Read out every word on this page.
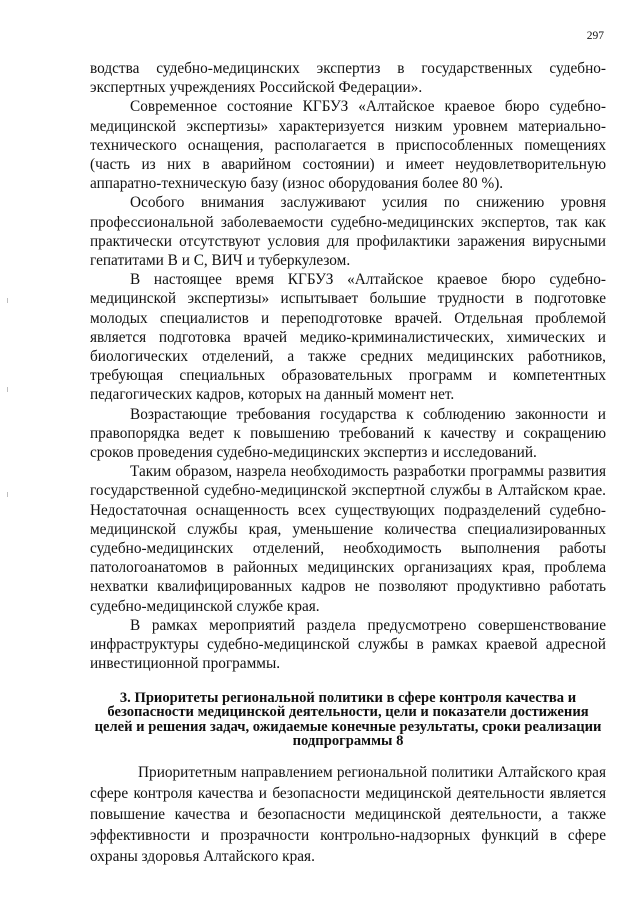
297

водства судебно-медицинских экспертиз в государственных судебно-экспертных учреждениях Российской Федерации».

Современное состояние КГБУЗ «Алтайское краевое бюро судебно-медицинской экспертизы» характеризуется низким уровнем материально-технического оснащения, располагается в приспособленных помещениях (часть из них в аварийном состоянии) и имеет неудовлетворительную аппаратно-техническую базу (износ оборудования более 80 %).

Особого внимания заслуживают усилия по снижению уровня профессиональной заболеваемости судебно-медицинских экспертов, так как практически отсутствуют условия для профилактики заражения вирусными гепатитами В и С, ВИЧ и туберкулезом.

В настоящее время КГБУЗ «Алтайское краевое бюро судебно-медицинской экспертизы» испытывает большие трудности в подготовке молодых специалистов и переподготовке врачей. Отдельная проблемой является подготовка врачей медико-криминалистических, химических и биологических отделений, а также средних медицинских работников, требующая специальных образовательных программ и компетентных педагогических кадров, которых на данный момент нет.

Возрастающие требования государства к соблюдению законности и правопорядка ведет к повышению требований к качеству и сокращению сроков проведения судебно-медицинских экспертиз и исследований.

Таким образом, назрела необходимость разработки программы развития государственной судебно-медицинской экспертной службы в Алтайском крае. Недостаточная оснащенность всех существующих подразделений судебно-медицинской службы края, уменьшение количества специализированных судебно-медицинских отделений, необходимость выполнения работы патологоанатомов в районных медицинских организациях края, проблема нехватки квалифицированных кадров не позволяют продуктивно работать судебно-медицинской службе края.

В рамках мероприятий раздела предусмотрено совершенствование инфраструктуры судебно-медицинской службы в рамках краевой адресной инвестиционной программы.

3. Приоритеты региональной политики в сфере контроля качества и безопасности медицинской деятельности, цели и показатели достижения целей и решения задач, ожидаемые конечные результаты, сроки реализации подпрограммы 8

Приоритетным направлением региональной политики Алтайского края сфере контроля качества и безопасности медицинской деятельности является повышение качества и безопасности медицинской деятельности, а также эффективности и прозрачности контрольно-надзорных функций в сфере охраны здоровья Алтайского края.
